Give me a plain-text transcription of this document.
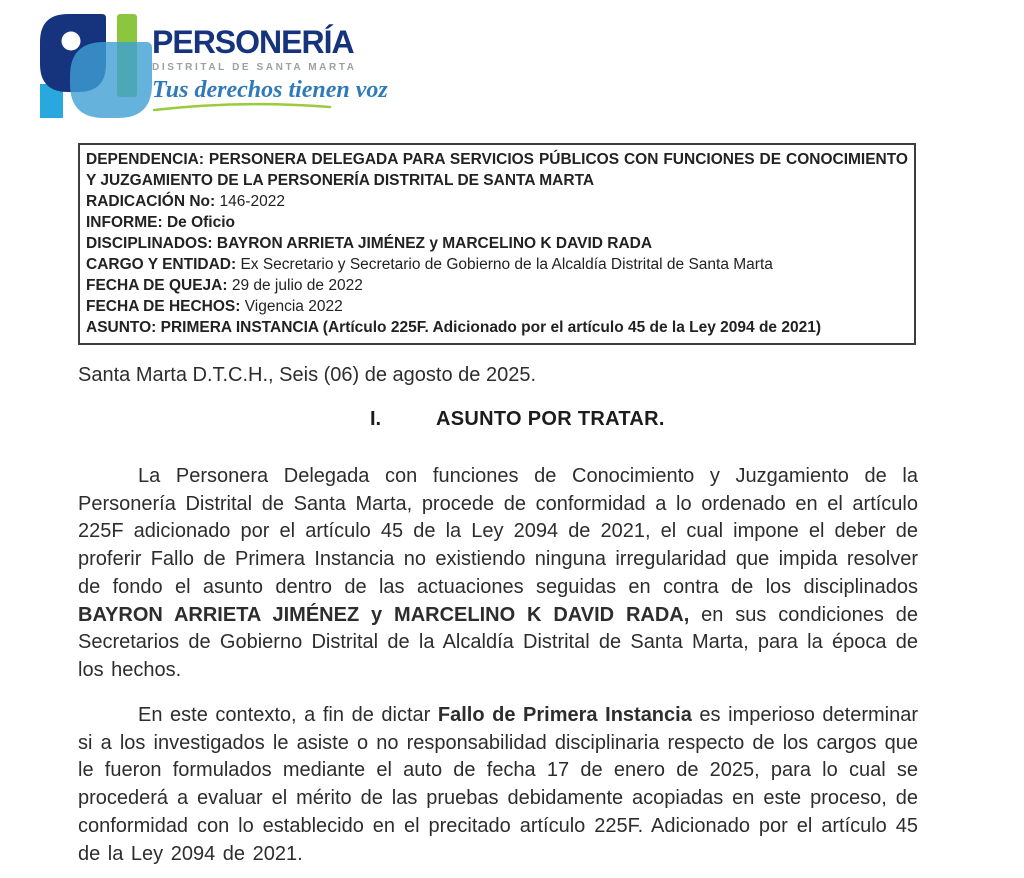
PERSONERÍA
DISTRITAL DE SANTA MARTA
Tus derechos tienen voz
DEPENDENCIA: PERSONERA DELEGADA PARA SERVICIOS PÚBLICOS CON FUNCIONES DE CONOCIMIENTO Y JUZGAMIENTO DE LA PERSONERÍA DISTRITAL DE SANTA MARTA
RADICACIÓN No: 146-2022
INFORME: De Oficio
DISCIPLINADOS: BAYRON ARRIETA JIMÉNEZ y MARCELINO K DAVID RADA
CARGO Y ENTIDAD: Ex Secretario y Secretario de Gobierno de la Alcaldía Distrital de Santa Marta
FECHA DE QUEJA: 29 de julio de 2022
FECHA DE HECHOS: Vigencia 2022
ASUNTO: PRIMERA INSTANCIA (Artículo 225F. Adicionado por el artículo 45 de la Ley 2094 de 2021)
Santa Marta D.T.C.H., Seis (06) de agosto de 2025.
I.	ASUNTO POR TRATAR.

La Personera Delegada con funciones de Conocimiento y Juzgamiento de la Personería Distrital de Santa Marta, procede de conformidad a lo ordenado en el artículo 225F adicionado por el artículo 45 de la Ley 2094 de 2021, el cual impone el deber de proferir Fallo de Primera Instancia no existiendo ninguna irregularidad que impida resolver de fondo el asunto dentro de las actuaciones seguidas en contra de los disciplinados BAYRON ARRIETA JIMÉNEZ y MARCELINO K DAVID RADA, en sus condiciones de Secretarios de Gobierno Distrital de la Alcaldía Distrital de Santa Marta, para la época de los hechos.

En este contexto, a fin de dictar Fallo de Primera Instancia es imperioso determinar si a los investigados le asiste o no responsabilidad disciplinaria respecto de los cargos que le fueron formulados mediante el auto de fecha 17 de enero de 2025, para lo cual se procederá a evaluar el mérito de las pruebas debidamente acopiadas en este proceso, de conformidad con lo establecido en el precitado artículo 225F. Adicionado por el artículo 45 de la Ley 2094 de 2021.
